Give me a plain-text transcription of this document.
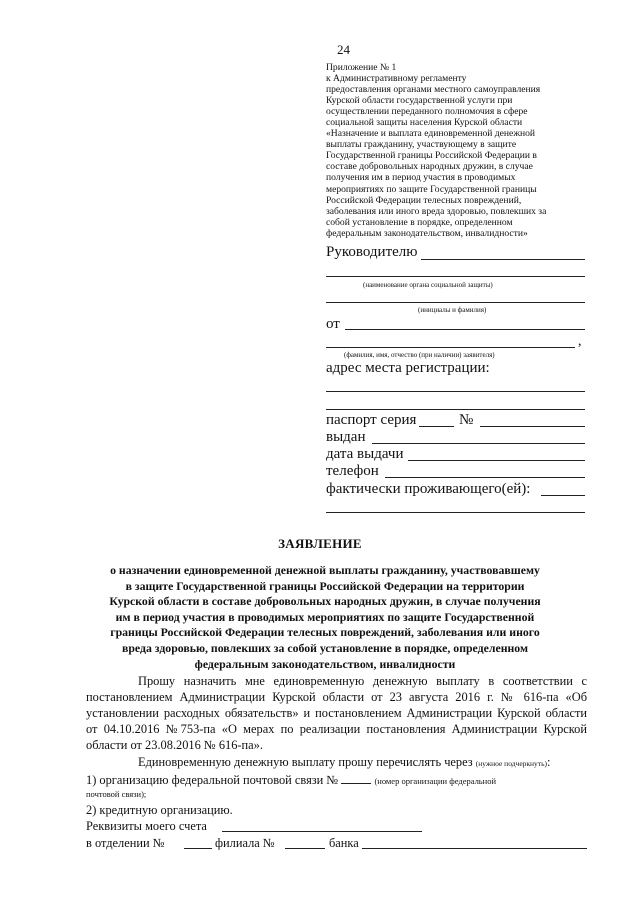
24
Приложение № 1
к Административному регламенту
предоставления органами местного самоуправления
Курской области государственной услуги при
осуществлении переданного полномочия в сфере
социальной защиты населения Курской области
«Назначение и выплата единовременной денежной
выплаты гражданину, участвующему в защите
Государственной границы Российской Федерации в
составе добровольных народных дружин, в случае
получения им в период участия в проводимых
мероприятиях по защите Государственной границы
Российской Федерации телесных повреждений,
заболевания или иного вреда здоровью, повлекших за
собой установление в порядке, определенном
федеральным законодательством, инвалидности»
Руководителю
(наименование органа социальной защиты)
(инициалы и фамилия)
от
,
(фамилия, имя, отчество (при наличии) заявителя)
адрес места регистрации:
паспорт серия	№
выдан
дата выдачи
телефон
фактически проживающего(ей):
ЗАЯВЛЕНИЕ
о назначении единовременной денежной выплаты гражданину, участвовавшему
в защите Государственной границы Российской Федерации на территории
Курской области в составе добровольных народных дружин, в случае получения
им в период участия в проводимых мероприятиях по защите Государственной
границы Российской Федерации телесных повреждений, заболевания или иного
вреда здоровью, повлекших за собой установление в порядке, определенном
федеральным законодательством, инвалидности
Прошу назначить мне единовременную денежную выплату в соответствии с постановлением Администрации Курской области от 23 августа 2016 г. № 616-па «Об установлении расходных обязательств» и постановлением Администрации Курской области от 04.10.2016 №753-па «О мерах по реализации постановления Администрации Курской области от 23.08.2016 № 616-па».
Единовременную денежную выплату прошу перечислять через (нужное подчеркнуть):
1) организацию федеральной почтовой связи №	(номер организации федеральной
почтовой связи);
2) кредитную организацию.
Реквизиты моего счета
в отделении №	филиала №	банка
